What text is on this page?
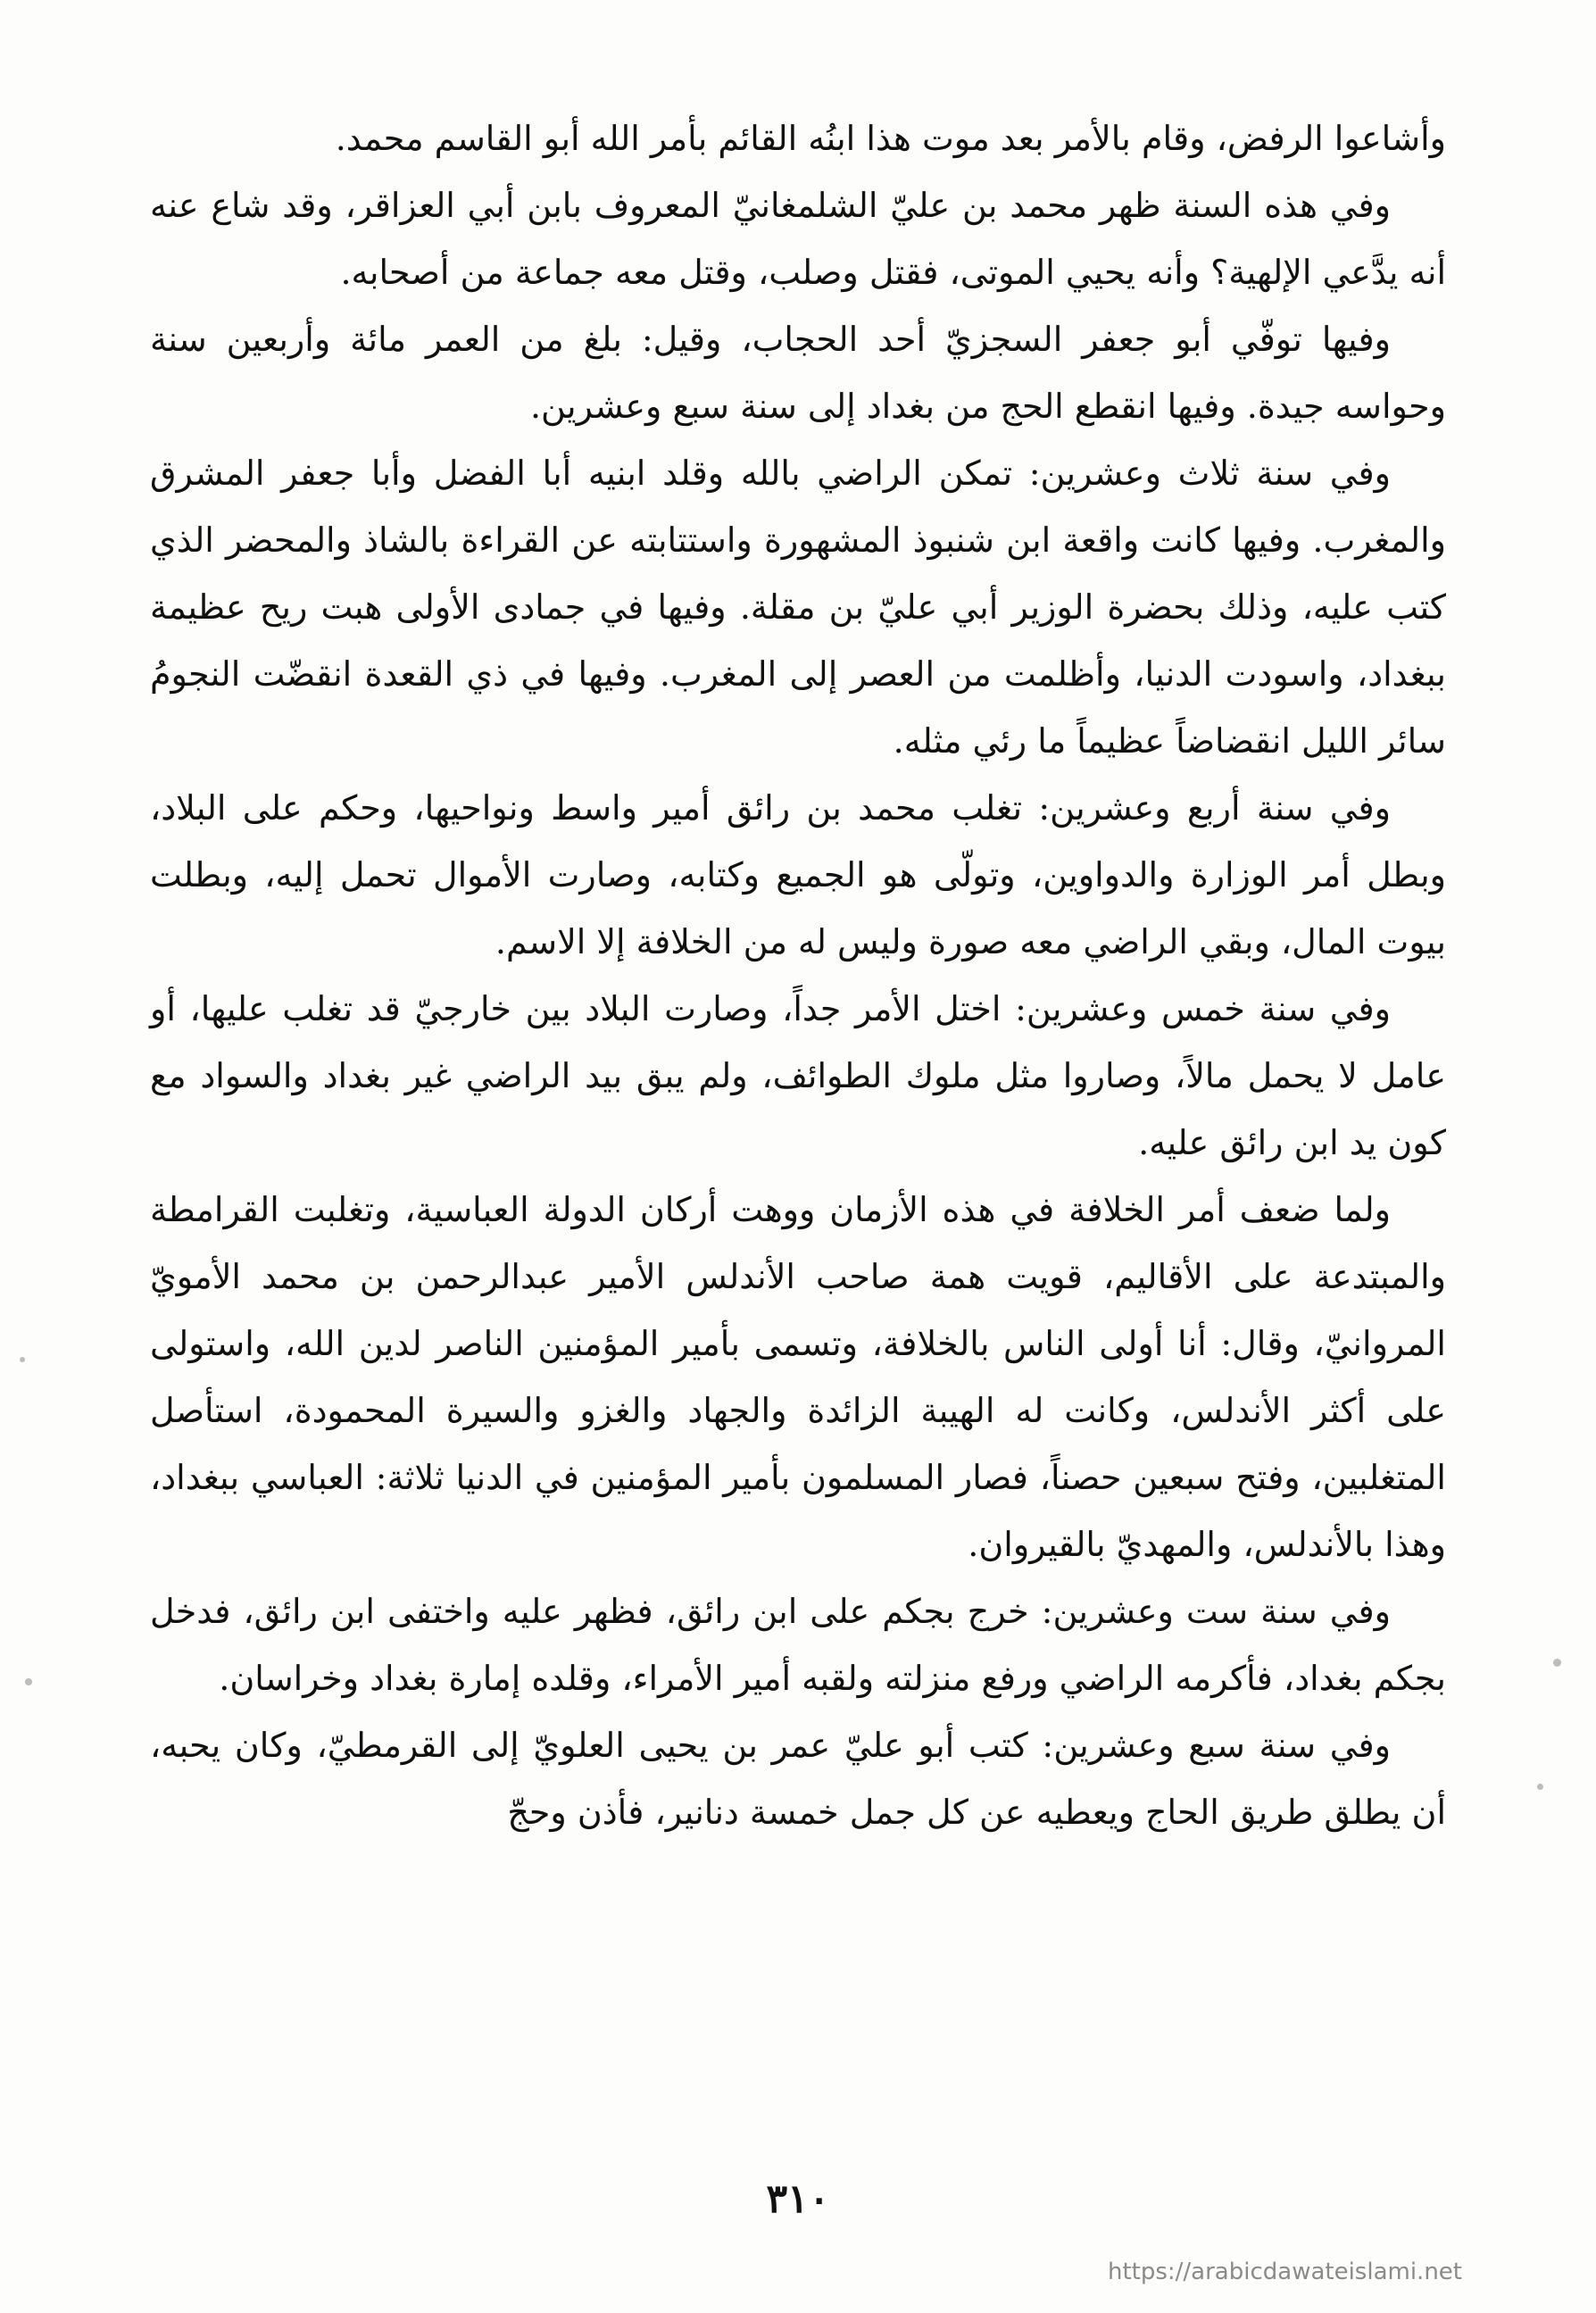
وأشاعوا الرفض، وقام بالأمر بعد موت هذا ابنُه القائم بأمر الله أبو القاسم محمد.

وفي هذه السنة ظهر محمد بن عليّ الشلمغانيّ المعروف بابن أبي العزاقر، وقد شاع عنه أنه يدَّعي الإلهية؟ وأنه يحيي الموتى، فقتل وصلب، وقتل معه جماعة من أصحابه.

وفيها توفّي أبو جعفر السجزيّ أحد الحجاب، وقيل: بلغ من العمر مائة وأربعين سنة وحواسه جيدة. وفيها انقطع الحج من بغداد إلى سنة سبع وعشرين.

وفي سنة ثلاث وعشرين: تمكن الراضي بالله وقلد ابنيه أبا الفضل وأبا جعفر المشرق والمغرب. وفيها كانت واقعة ابن شنبوذ المشهورة واستتابته عن القراءة بالشاذ والمحضر الذي كتب عليه، وذلك بحضرة الوزير أبي عليّ بن مقلة. وفيها في جمادى الأولى هبت ريح عظيمة ببغداد، واسودت الدنيا، وأظلمت من العصر إلى المغرب. وفيها في ذي القعدة انقضّت النجومُ سائر الليل انقضاضاً عظيماً ما رئي مثله.

وفي سنة أربع وعشرين: تغلب محمد بن رائق أمير واسط ونواحيها، وحكم على البلاد، وبطل أمر الوزارة والدواوين، وتولّى هو الجميع وكتابه، وصارت الأموال تحمل إليه، وبطلت بيوت المال، وبقي الراضي معه صورة وليس له من الخلافة إلا الاسم.

وفي سنة خمس وعشرين: اختل الأمر جداً، وصارت البلاد بين خارجيّ قد تغلب عليها، أو عامل لا يحمل مالاً، وصاروا مثل ملوك الطوائف، ولم يبق بيد الراضي غير بغداد والسواد مع كون يد ابن رائق عليه.

ولما ضعف أمر الخلافة في هذه الأزمان ووهت أركان الدولة العباسية، وتغلبت القرامطة والمبتدعة على الأقاليم، قويت همة صاحب الأندلس الأمير عبدالرحمن بن محمد الأمويّ المروانيّ، وقال: أنا أولى الناس بالخلافة، وتسمى بأمير المؤمنين الناصر لدين الله، واستولى على أكثر الأندلس، وكانت له الهيبة الزائدة والجهاد والغزو والسيرة المحمودة، استأصل المتغلبين، وفتح سبعين حصناً، فصار المسلمون بأمير المؤمنين في الدنيا ثلاثة: العباسي ببغداد، وهذا بالأندلس، والمهديّ بالقيروان.

وفي سنة ست وعشرين: خرج بجكم على ابن رائق، فظهر عليه واختفى ابن رائق، فدخل بجكم بغداد، فأكرمه الراضي ورفع منزلته ولقبه أمير الأمراء، وقلده إمارة بغداد وخراسان.

وفي سنة سبع وعشرين: كتب أبو عليّ عمر بن يحيى العلويّ إلى القرمطيّ، وكان يحبه، أن يطلق طريق الحاج ويعطيه عن كل جمل خمسة دنانير، فأذن وحجّ

٣١٠
https://arabicdawateislami.net
